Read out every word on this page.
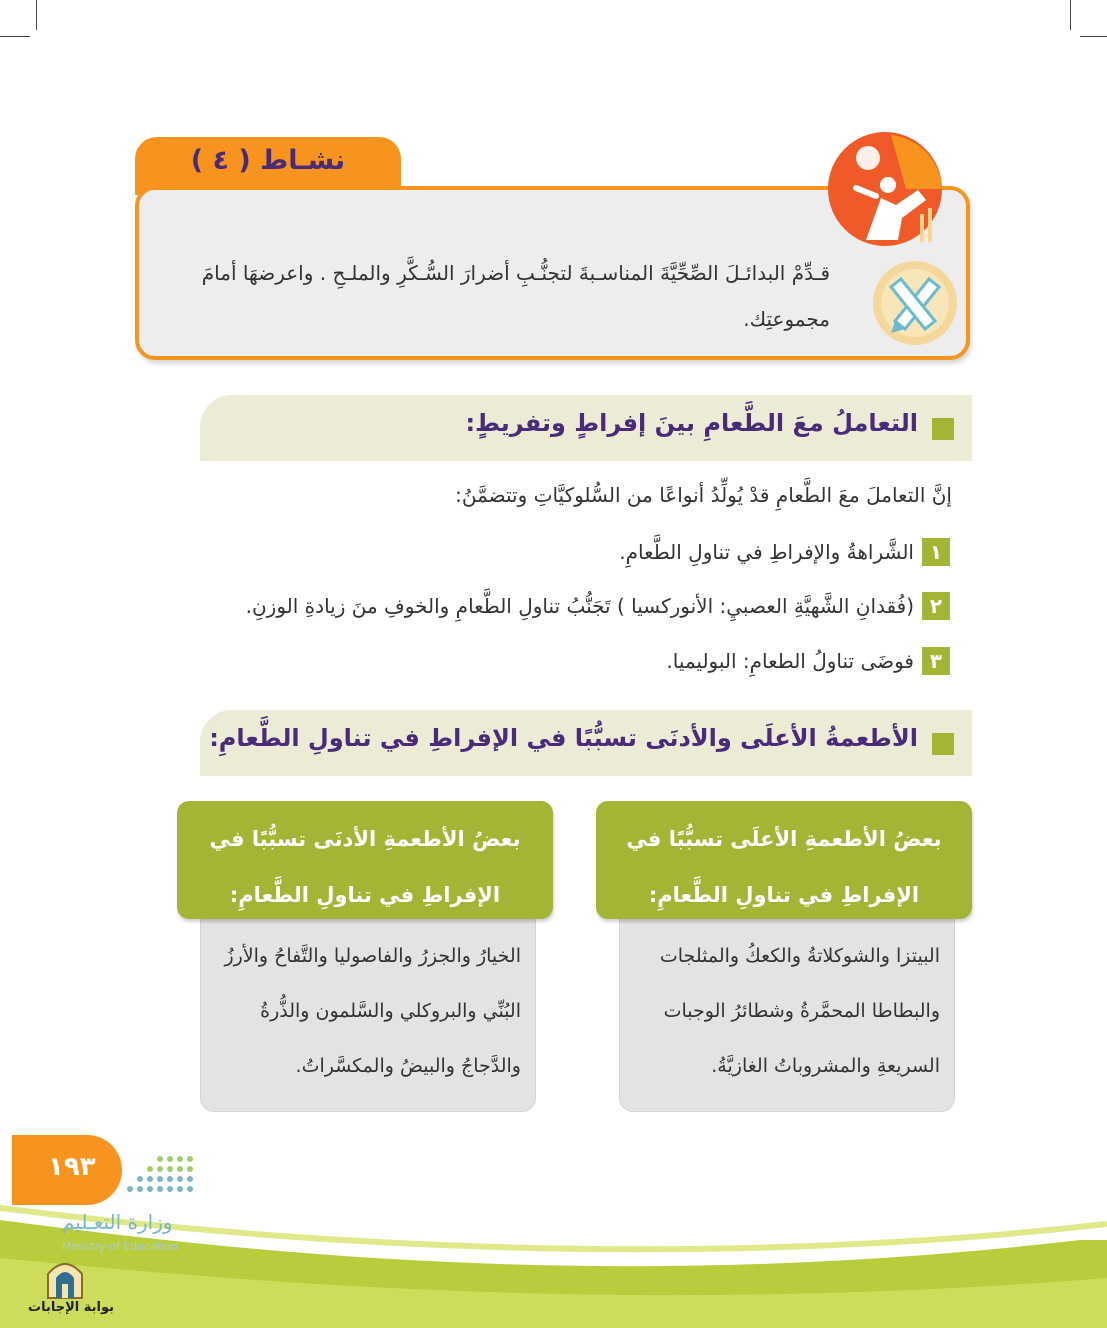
نشـاط ( ٤ )
قـدِّمْ البدائـلَ الصِّحِّيَّةَ المناسـبةَ لتجنُّـبِ أضرارَ السُّـكَّرِ والملـحِ . واعرضهَا أمامَ
مجموعتِك.
التعاملُ معَ الطَّعامِ بينَ إفراطٍ وتفريطٍ:
إنَّ التعاملَ معَ الطَّعامِ قدْ يُولِّدُ أنواعًا من السُّلوكيَّاتِ وتتضمَّنُ:
١الشَّراهةُ والإفراطِ في تناولِ الطَّعامِ.
٢(فُقدانِ الشَّهيَّةِ العصبيِ: الأنوركسيا ) تَجَنُّبُ تناولِ الطَّعامِ والخوفِ منَ زيادةِ الوزنِ.
٣فوضَى تناولُ الطعامِ: البوليميا.
الأطعمةُ الأعلَى والأدنَى تسبُّبًا في الإفراطِ في تناولِ الطَّعامِ:
البيتزا والشوكلاتةُ والكعكُ والمثلجات والبطاطا المحمَّرةُ وشطائرُ الوجبات السريعةِ والمشروباتُ الغازيَّةُ.
بعضُ الأطعمةِ الأعلَى تسبُّبًا في الإفراطِ في تناولِ الطَّعامِ:
الخيارُ والجزرُ والفاصوليا والتَّفاحُ والأرزُ البُنِّي والبروكلي والسَّلمون والذُّرةُ والدَّجاجُ والبيضُ والمكسَّراتُ.
بعضُ الأطعمةِ الأدنَى تسبُّبًا في الإفراطِ في تناولِ الطَّعامِ:
١٩٣
وزارة التعـليم
Ministry of Education
بوابة الإجابات
